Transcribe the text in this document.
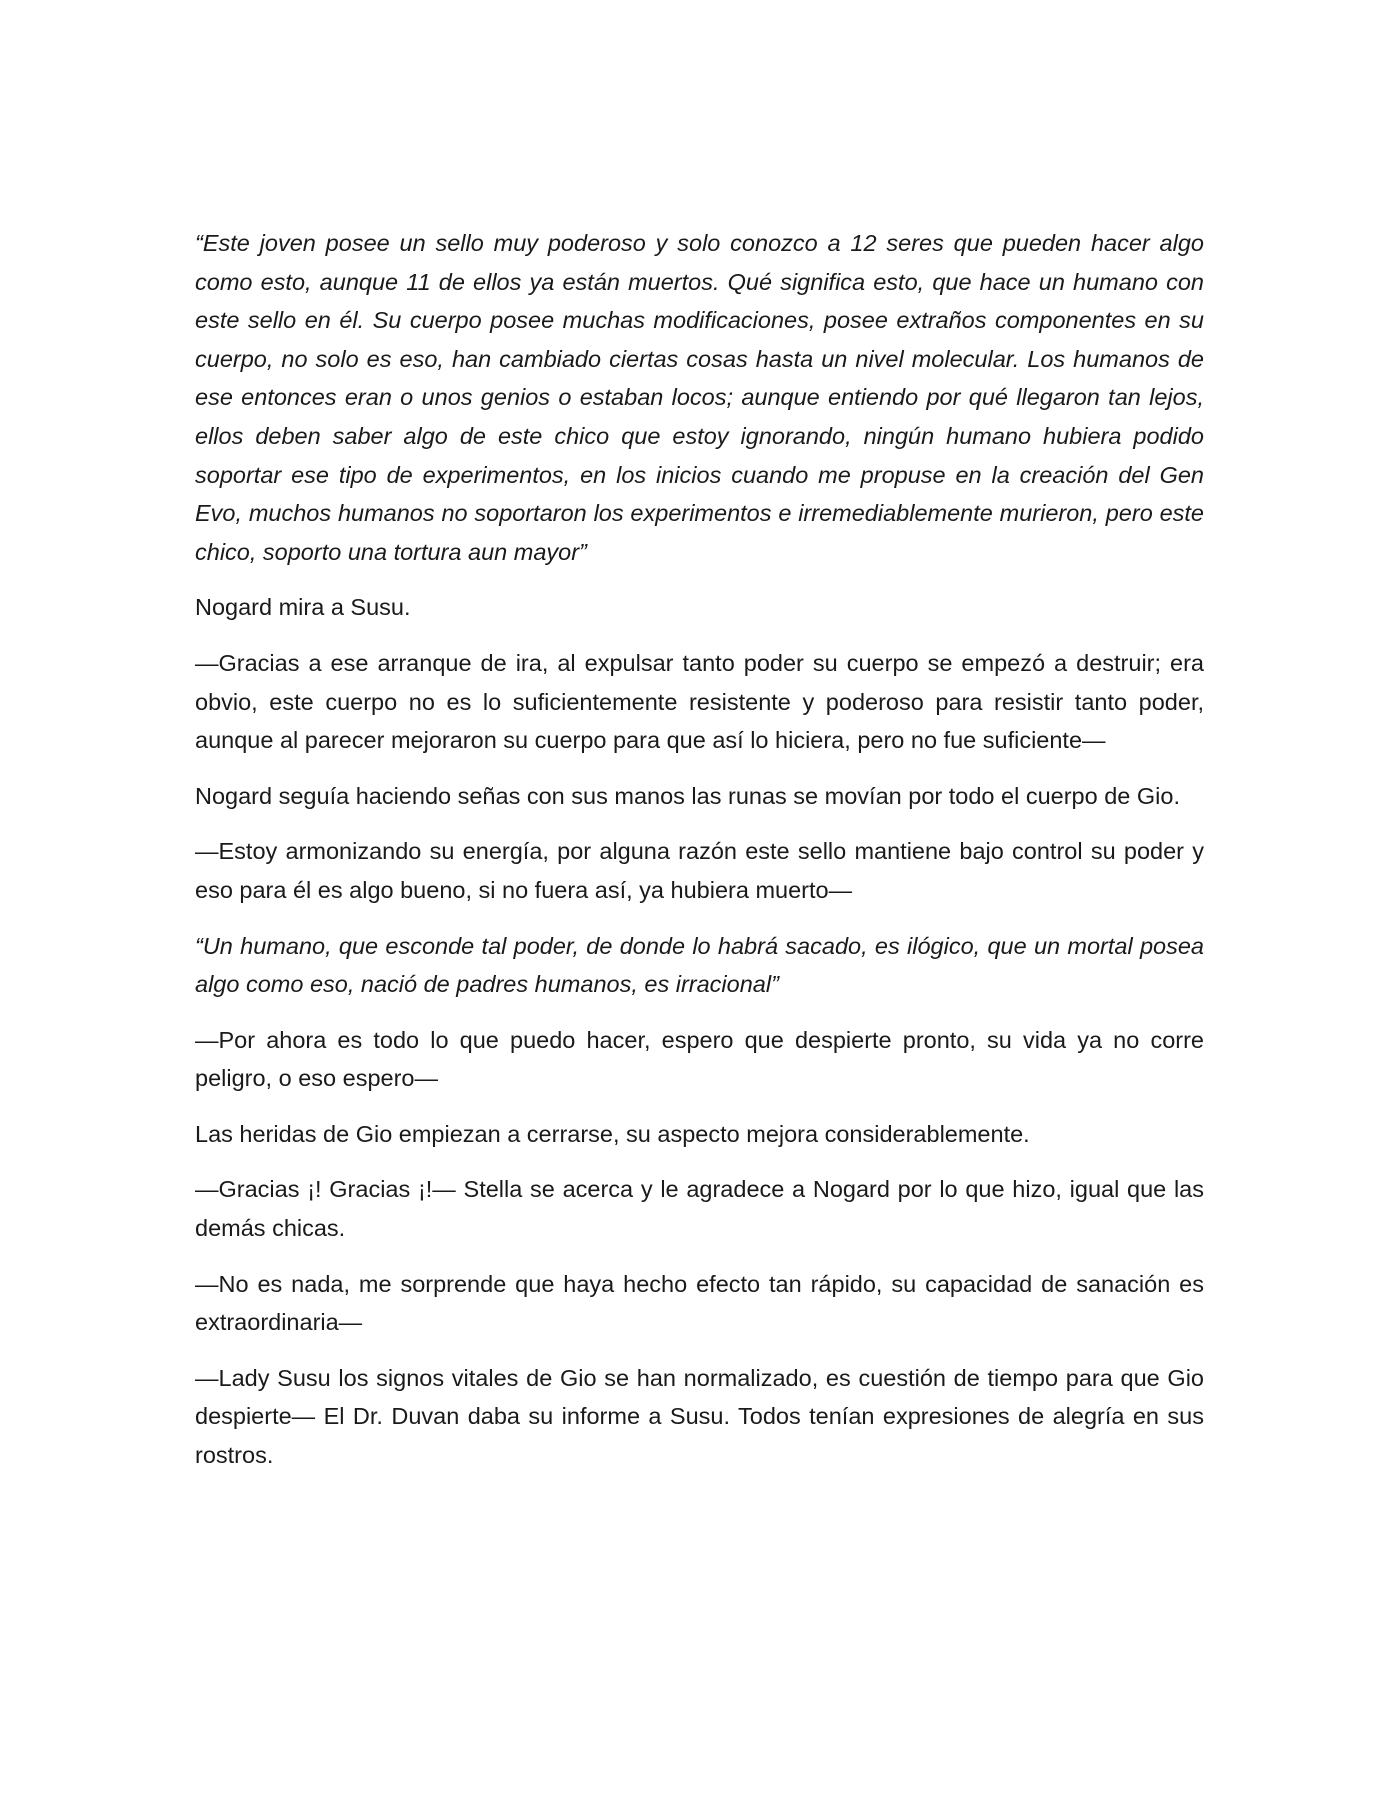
“Este joven posee un sello muy poderoso y solo conozco a 12 seres que pueden hacer algo como esto, aunque 11 de ellos ya están muertos. Qué significa esto, que hace un humano con este sello en él. Su cuerpo posee muchas modificaciones, posee extraños componentes en su cuerpo, no solo es eso, han cambiado ciertas cosas hasta un nivel molecular. Los humanos de ese entonces eran o unos genios o estaban locos; aunque entiendo por qué llegaron tan lejos, ellos deben saber algo de este chico que estoy ignorando, ningún humano hubiera podido soportar ese tipo de experimentos, en los inicios cuando me propuse en la creación del Gen Evo, muchos humanos no soportaron los experimentos e irremediablemente murieron, pero este chico, soporto una tortura aun mayor”

Nogard mira a Susu.

—Gracias a ese arranque de ira, al expulsar tanto poder su cuerpo se empezó a destruir; era obvio, este cuerpo no es lo suficientemente resistente y poderoso para resistir tanto poder, aunque al parecer mejoraron su cuerpo para que así lo hiciera, pero no fue suficiente—

Nogard seguía haciendo señas con sus manos las runas se movían por todo el cuerpo de Gio.

—Estoy armonizando su energía, por alguna razón este sello mantiene bajo control su poder y eso para él es algo bueno, si no fuera así, ya hubiera muerto—

“Un humano, que esconde tal poder, de donde lo habrá sacado, es ilógico, que un mortal posea algo como eso, nació de padres humanos, es irracional”

—Por ahora es todo lo que puedo hacer, espero que despierte pronto, su vida ya no corre peligro, o eso espero—

Las heridas de Gio empiezan a cerrarse, su aspecto mejora considerablemente.

—Gracias ¡! Gracias ¡!— Stella se acerca y le agradece a Nogard por lo que hizo, igual que las demás chicas.

—No es nada, me sorprende que haya hecho efecto tan rápido, su capacidad de sanación es extraordinaria—

—Lady Susu los signos vitales de Gio se han normalizado, es cuestión de tiempo para que Gio despierte— El Dr. Duvan daba su informe a Susu. Todos tenían expresiones de alegría en sus rostros.
